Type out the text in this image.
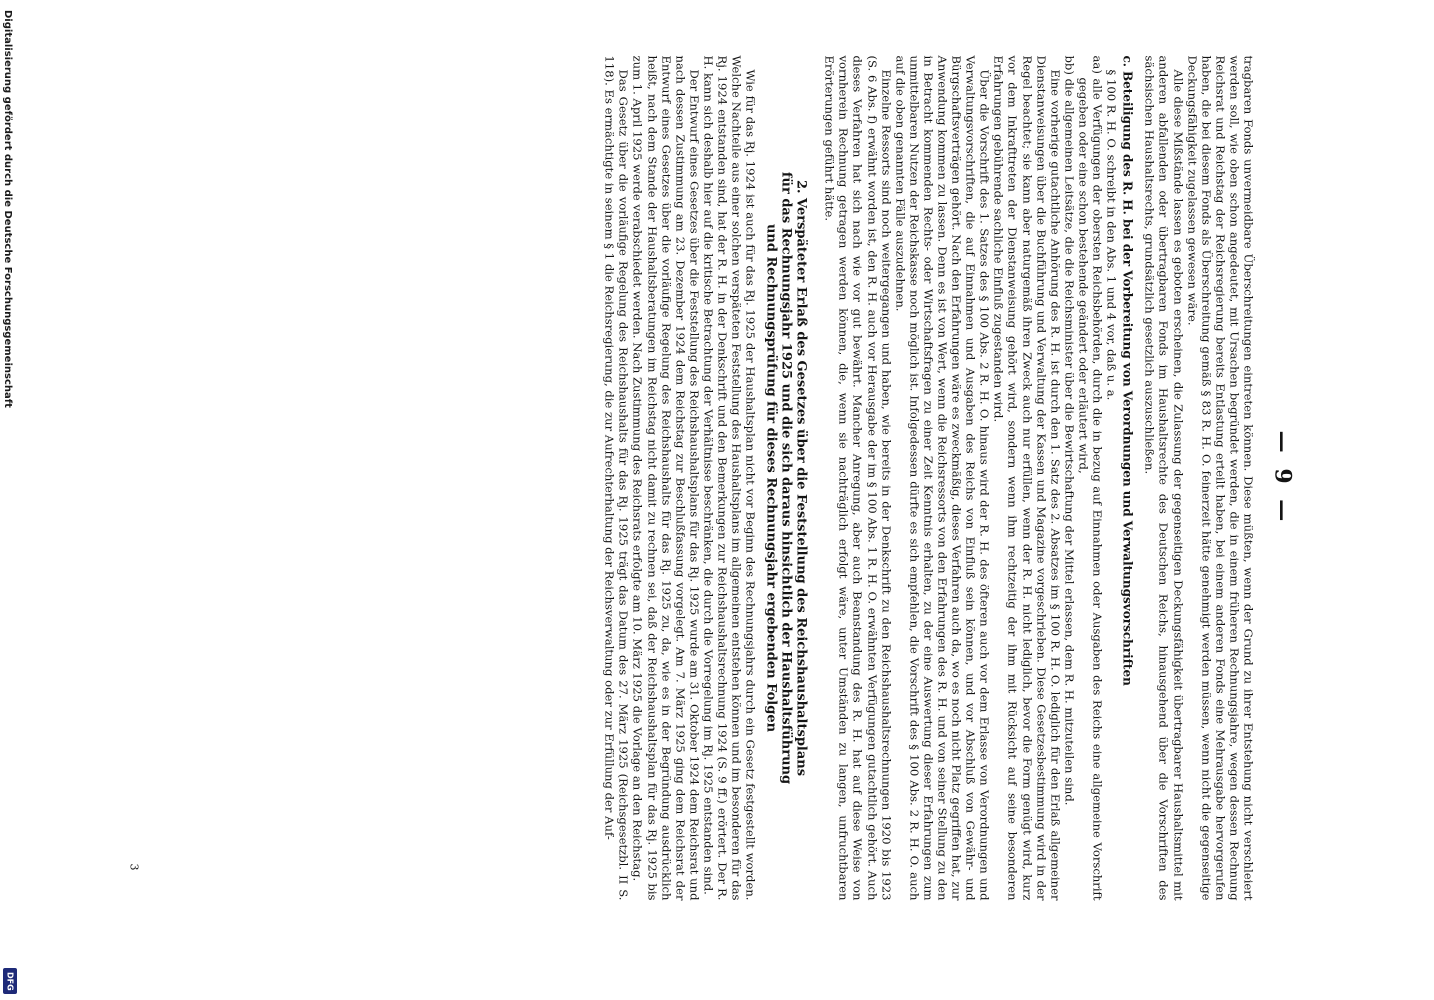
Digitalisierung gefördert durch die Deutsche Forschungsgemeinschaft
DFG
— 9 —

tragbaren Fonds unvermeidbare Überschreitungen eintreten können. Diese müßten, wenn der Grund zu ihrer Entstehung nicht verschleiert werden soll, wie oben schon angedeutet, mit Ursachen begründet werden, die in einem früheren Rechnungsjahre, wegen dessen Rechnung Reichsrat und Reichstag der Reichsregierung bereits Entlastung erteilt haben, bei einem anderen Fonds eine Mehrausgabe hervorgerufen haben, die bei diesem Fonds als Überschreitung gemäß § 83 R. H. O. feinerzeit hätte genehmigt werden müssen, wenn nicht die gegenseitige Deckungsfähigkeit zugelassen gewesen wäre.

Alle diese Mißstände lassen es geboten erscheinen, die Zulassung der gegenseitigen Deckungsfähigkeit übertragbarer Haushaltsmittel mit anderen abfallenden oder übertragbaren Fonds im Haushaltsrechte des Deutschen Reichs, hinausgehend über die Vorschriften des sächsischen Haushaltsrechts, grundsätzlich gesetzlich auszuschließen.

c.Beteiligung des R. H. bei der Vorbereitung von Verordnungen und Verwaltungsvorschriften

§ 100 R. H. O. schreibt in den Abs. 1 und 4 vor, daß u. a.

aa) alle Verfügungen der obersten Reichsbehörden, durch die in bezug auf Einnahmen oder Ausgaben des Reichs eine allgemeine Vorschrift gegeben oder eine schon bestehende geändert oder erläutert wird,

bb) die allgemeinen Leitsätze, die die Reichsminister über die Bewirtschaftung der Mittel erlassen, dem R. H. mitzuteilen sind.

Eine vorherige gutachtliche Anhörung des R. H. ist durch den 1. Satz des 2. Absatzes im § 100 R. H. O. lediglich für den Erlaß allgemeiner Dienstanweisungen über die Buchführung und Verwaltung der Kassen und Magazine vorgeschrieben. Diese Gesetzesbestimmung wird in der Regel beachtet; sie kann aber naturgemäß ihren Zweck auch nur erfüllen, wenn der R. H. nicht lediglich, bevor die Form genügt wird, kurz vor dem Inkrafttreten der Dienstanweisung gehört wird, sondern wenn ihm rechtzeitig der ihm mit Rücksicht auf seine besonderen Erfahrungen gebührende sachliche Einfluß zugestanden wird.

Über die Vorschrift des 1. Satzes des § 100 Abs. 2 R. H. O. hinaus wird der R. H. des öfteren auch vor dem Erlasse von Verordnungen und Verwaltungsvorschriften, die auf Einnahmen und Ausgaben des Reichs von Einfluß sein können, und vor Abschluß von Gewähr- und Bürgschaftsverträgen gehört. Nach den Erfahrungen wäre es zweckmäßig, dieses Verfahren auch da, wo es noch nicht Platz gegriffen hat, zur Anwendung kommen zu lassen. Denn es ist von Wert, wenn die Reichsressorts von den Erfahrungen des R. H. und von seiner Stellung zu den in Betracht kommenden Rechts- oder Wirtschaftsfragen zu einer Zeit Kenntnis erhalten, zu der eine Auswertung dieser Erfahrungen zum unmittelbaren Nutzen der Reichskasse noch möglich ist. Infolgedessen dürfte es sich empfehlen, die Vorschrift des § 100 Abs. 2 R. H. O. auch auf die oben genannten Fälle auszudehnen.

Einzelne Ressorts sind noch weitergegangen und haben, wie bereits in der Denkschrift zu den Reichshaushaltsrechnungen 1920 bis 1923 (S. 6 Abs. f) erwähnt worden ist, den R. H. auch vor Herausgabe der im § 100 Abs. 1 R. H. O. erwähnten Verfügungen gutachtlich gehört. Auch dieses Verfahren hat sich nach wie vor gut bewährt. Mancher Anregung, aber auch Beanstandung des R. H. hat auf diese Weise von vornherein Rechnung getragen werden können, die, wenn sie nachträglich erfolgt wäre, unter Umständen zu langen, unfruchtbaren Erörterungen geführt hätte.

2. Verspäteter Erlaß des Gesetzes über die Feststellung des Reichshaushaltsplans

für das Rechnungsjahr 1925 und die sich daraus hinsichtlich der Haushaltsführung

und Rechnungsprüfung für dieses Rechnungsjahr ergebenden Folgen

Wie für das Rj. 1924 ist auch für das Rj. 1925 der Haushaltsplan nicht vor Beginn des Rechnungsjahrs durch ein Gesetz festgestellt worden. Welche Nachteile aus einer solchen verspäteten Feststellung des Haushaltsplans im allgemeinen entstehen können und im besonderen für das Rj. 1924 entstanden sind, hat der R. H. in der Denkschrift und den Bemerkungen zur Reichshaushaltsrechnung 1924 (S. 9 ff.) erörtert. Der R. H. kann sich deshalb hier auf die kritische Betrachtung der Verhältnisse beschränken, die durch die Vorregelung im Rj. 1925 entstanden sind.

Der Entwurf eines Gesetzes über die Feststellung des Reichshaushaltsplans für das Rj. 1925 wurde am 31. Oktober 1924 dem Reichsrat und nach dessen Zustimmung am 23. Dezember 1924 dem Reichstag zur Beschlußfassung vorgelegt. Am 7. März 1925 ging dem Reichsrat der Entwurf eines Gesetzes über die vorläufige Regelung des Reichshaushalts für das Rj. 1925 zu, da, wie es in der Begründung ausdrücklich heißt, nach dem Stande der Haushaltsberatungen im Reichstag nicht damit zu rechnen sei, daß der Reichshaushaltsplan für das Rj. 1925 bis zum 1. April 1925 werde verabschiedet werden. Nach Zustimmung des Reichsrats erfolgte am 10. März 1925 die Vorlage an den Reichstag.

Das Gesetz über die vorläufige Regelung des Reichshaushalts für das Rj. 1925 trägt das Datum des 27. März 1925 (Reichsgesetzbl. II S. 118). Es ermächtigte in seinem § 1 die Reichsregierung, die zur Aufrechterhaltung der Reichsverwaltung oder zur Erfüllung der Auf-

3
